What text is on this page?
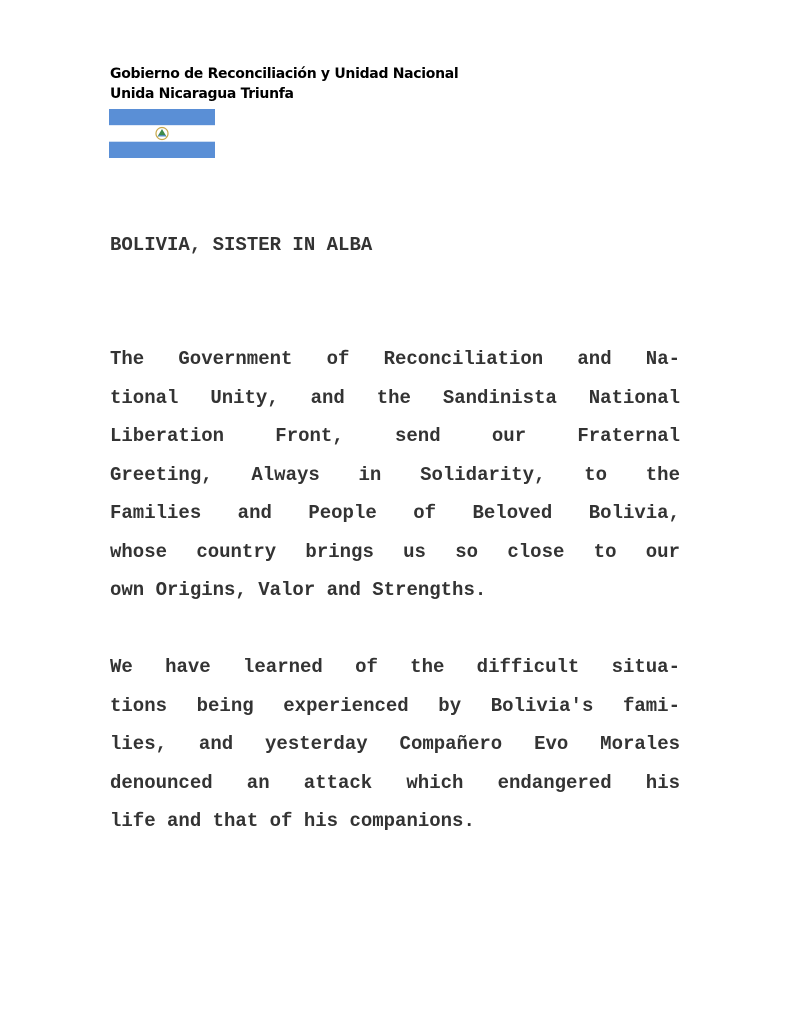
Gobierno de Reconciliación y Unidad Nacional
Unida Nicaragua Triunfa
BOLIVIA, SISTER IN ALBA
The Government of Reconciliation and Na-
tional Unity, and the Sandinista National
Liberation Front, send our Fraternal
Greeting, Always in Solidarity, to the
Families and People of Beloved Bolivia,
whose country brings us so close to our
own Origins, Valor and Strengths.
We have learned of the difficult situa-
tions being experienced by Bolivia's fami-
lies, and yesterday Compañero Evo Morales
denounced an attack which endangered his
life and that of his companions.
